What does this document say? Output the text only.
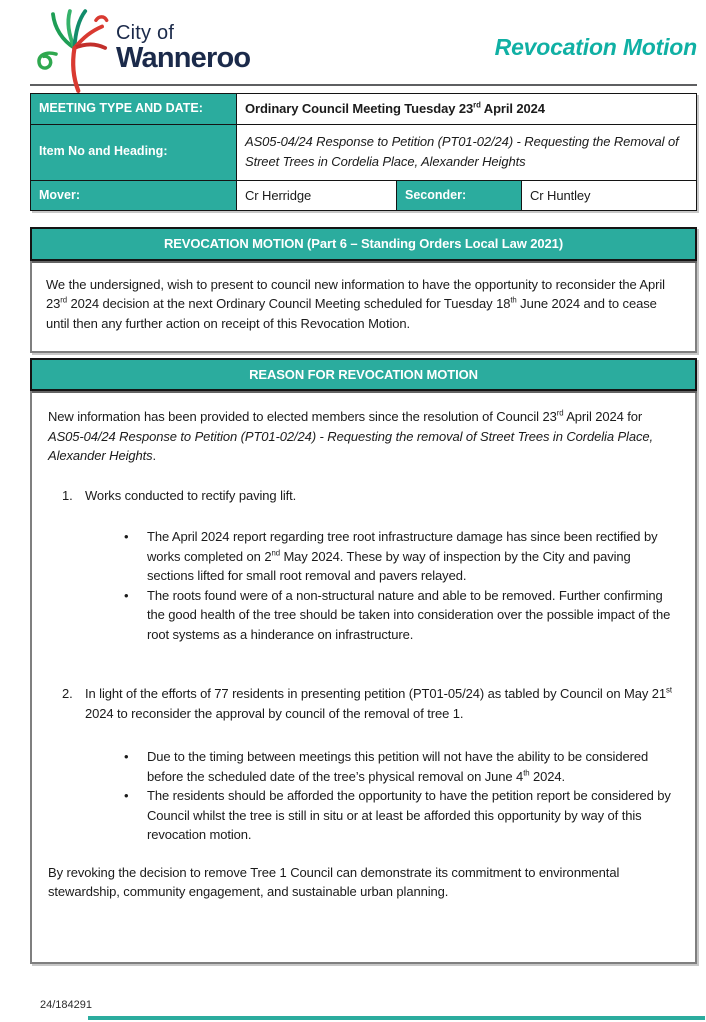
City of
Wanneroo	Revocation Motion
MEETING TYPE AND DATE:	Ordinary Council Meeting Tuesday 23rd April 2024		
Item No and Heading:	AS05-04/24 Response to Petition (PT01-02/24) - Requesting the Removal of Street Trees in Cordelia Place, Alexander Heights		
Mover:	Cr Herridge	Seconder:	Cr Huntley
REVOCATION MOTION (Part 6 – Standing Orders Local Law 2021)

We the undersigned, wish to present to council new information to have the opportunity to reconsider the April 23rd 2024 decision at the next Ordinary Council Meeting scheduled for Tuesday 18th June 2024 and to cease until then any further action on receipt of this Revocation Motion.

REASON FOR REVOCATION MOTION

New information has been provided to elected members since the resolution of Council 23rd April 2024 for AS05-04/24 Response to Petition (PT01-02/24) - Requesting the removal of Street Trees in Cordelia Place, Alexander Heights.

1. Works conducted to rectify paving lift.
• The April 2024 report regarding tree root infrastructure damage has since been rectified by works completed on 2nd May 2024. These by way of inspection by the City and paving sections lifted for small root removal and pavers relayed.
• The roots found were of a non-structural nature and able to be removed. Further confirming the good health of the tree should be taken into consideration over the possible impact of the root systems as a hinderance on infrastructure.
2. In light of the efforts of 77 residents in presenting petition (PT01-05/24) as tabled by Council on May 21st 2024 to reconsider the approval by council of the removal of tree 1.
• Due to the timing between meetings this petition will not have the ability to be considered before the scheduled date of the tree’s physical removal on June 4th 2024.
• The residents should be afforded the opportunity to have the petition report be considered by Council whilst the tree is still in situ or at least be afforded this opportunity by way of this revocation motion.

By revoking the decision to remove Tree 1 Council can demonstrate its commitment to environmental stewardship, community engagement, and sustainable urban planning.

24/184291
